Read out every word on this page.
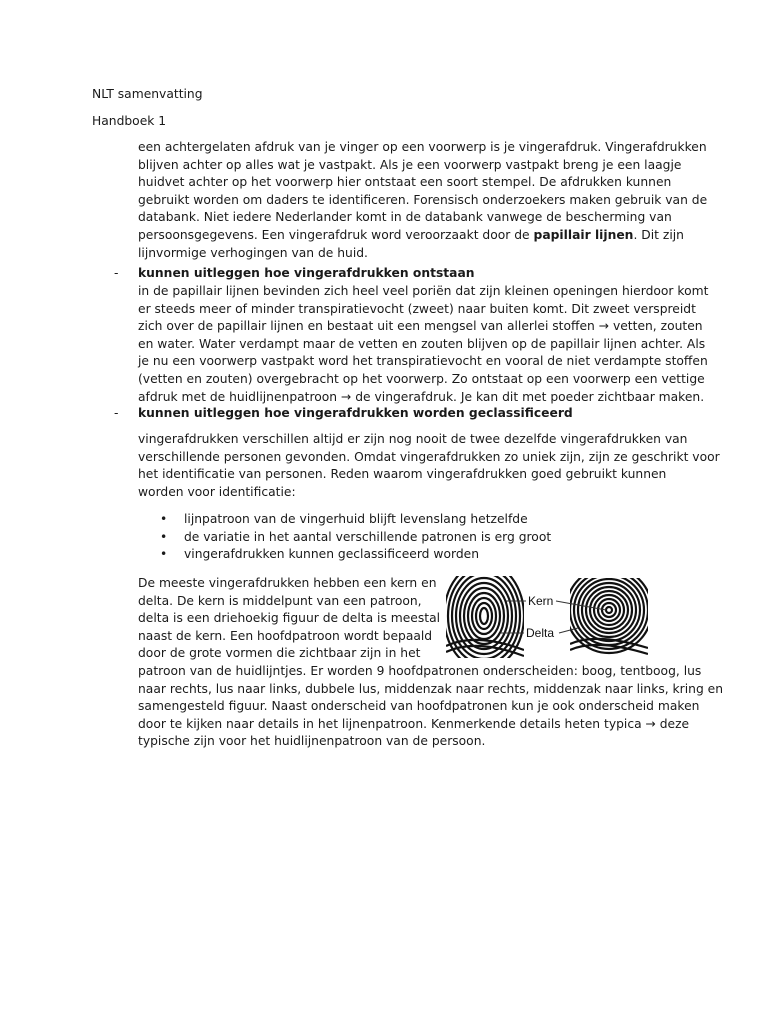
NLT samenvatting
Handboek 1
een achtergelaten afdruk van je vinger op een voorwerp is je vingerafdruk. Vingerafdrukken
blijven achter op alles wat je vastpakt. Als je een voorwerp vastpakt breng je een laagje
huidvet achter op het voorwerp hier ontstaat een soort stempel. De afdrukken kunnen
gebruikt worden om daders te identificeren. Forensisch onderzoekers maken gebruik van de
databank. Niet iedere Nederlander komt in de databank vanwege de bescherming van
persoonsgegevens. Een vingerafdruk word veroorzaakt door de papillair lijnen. Dit zijn
lijnvormige verhogingen van de huid.
- kunnen uitleggen hoe vingerafdrukken ontstaan
in de papillair lijnen bevinden zich heel veel poriën dat zijn kleinen openingen hierdoor komt
er steeds meer of minder transpiratievocht (zweet) naar buiten komt. Dit zweet verspreidt
zich over de papillair lijnen en bestaat uit een mengsel van allerlei stoffen → vetten, zouten
en water. Water verdampt maar de vetten en zouten blijven op de papillair lijnen achter. Als
je nu een voorwerp vastpakt word het transpiratievocht en vooral de niet verdampte stoffen
(vetten en zouten) overgebracht op het voorwerp. Zo ontstaat op een voorwerp een vettige
afdruk met de huidlijnenpatroon → de vingerafdruk. Je kan dit met poeder zichtbaar maken.
- kunnen uitleggen hoe vingerafdrukken worden geclassificeerd
vingerafdrukken verschillen altijd er zijn nog nooit de twee dezelfde vingerafdrukken van
verschillende personen gevonden. Omdat vingerafdrukken zo uniek zijn, zijn ze geschrikt voor
het identificatie van personen. Reden waarom vingerafdrukken goed gebruikt kunnen
worden voor identificatie:
• lijnpatroon van de vingerhuid blijft levenslang hetzelfde
• de variatie in het aantal verschillende patronen is erg groot
• vingerafdrukken kunnen geclassificeerd worden
De meeste vingerafdrukken hebben een kern en
delta. De kern is middelpunt van een patroon,
delta is een driehoekig figuur de delta is meestal
naast de kern. Een hoofdpatroon wordt bepaald
door de grote vormen die zichtbaar zijn in het
Kern
Delta
patroon van de huidlijntjes. Er worden 9 hoofdpatronen onderscheiden: boog, tentboog, lus
naar rechts, lus naar links, dubbele lus, middenzak naar rechts, middenzak naar links, kring en
samengesteld figuur. Naast onderscheid van hoofdpatronen kun je ook onderscheid maken
door te kijken naar details in het lijnenpatroon. Kenmerkende details heten typica → deze
typische zijn voor het huidlijnenpatroon van de persoon.
